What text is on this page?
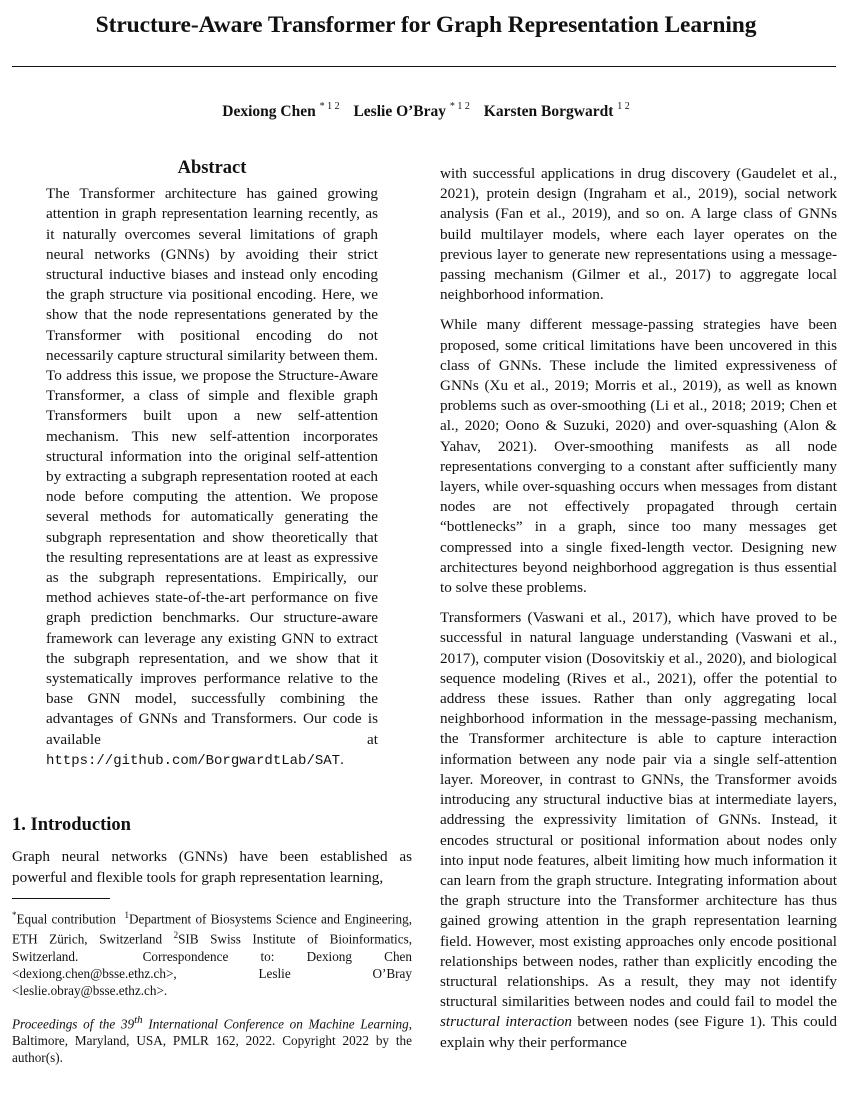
Structure-Aware Transformer for Graph Representation Learning
Dexiong Chen $^{* 1 2}$ Leslie O’Bray $^{* 1 2}$ Karsten Borgwardt $^{1 2}$
Abstract
The Transformer architecture has gained growing attention in graph representation learning recently, as it naturally overcomes several limitations of graph neural networks (GNNs) by avoiding their strict structural inductive biases and instead only encoding the graph structure via positional encoding. Here, we show that the node representations generated by the Transformer with positional encoding do not necessarily capture structural similarity between them. To address this issue, we propose the Structure-Aware Transformer, a class of simple and flexible graph Transformers built upon a new self-attention mechanism. This new self-attention incorporates structural information into the original self-attention by extracting a subgraph representation rooted at each node before computing the attention. We propose several methods for automatically generating the subgraph representation and show theoretically that the resulting representations are at least as expressive as the subgraph representations. Empirically, our method achieves state-of-the-art performance on five graph prediction benchmarks. Our structure-aware framework can leverage any existing GNN to extract the subgraph representation, and we show that it systematically improves performance relative to the base GNN model, successfully combining the advantages of GNNs and Transformers. Our code is available at https://github.com/BorgwardtLab/SAT.
1. Introduction

Graph neural networks (GNNs) have been established as powerful and flexible tools for graph representation learning,

*Equal contribution $^1$Department of Biosystems Science and Engineering, ETH Zürich, Switzerland $^2$SIB Swiss Institute of Bioinformatics, Switzerland.	Correspondence to: Dexiong Chen <dexiong.chen@bsse.ethz.ch>, Leslie O’Bray <leslie.obray@bsse.ethz.ch>.

Proceedings of the 39th International Conference on Machine Learning, Baltimore, Maryland, USA, PMLR 162, 2022. Copyright 2022 by the author(s).

with successful applications in drug discovery (Gaudelet et al., 2021), protein design (Ingraham et al., 2019), social network analysis (Fan et al., 2019), and so on. A large class of GNNs build multilayer models, where each layer operates on the previous layer to generate new representations using a message-passing mechanism (Gilmer et al., 2017) to aggregate local neighborhood information.

While many different message-passing strategies have been proposed, some critical limitations have been uncovered in this class of GNNs. These include the limited expressiveness of GNNs (Xu et al., 2019; Morris et al., 2019), as well as known problems such as over-smoothing (Li et al., 2018; 2019; Chen et al., 2020; Oono & Suzuki, 2020) and over-squashing (Alon & Yahav, 2021). Over-smoothing manifests as all node representations converging to a constant after sufficiently many layers, while over-squashing occurs when messages from distant nodes are not effectively propagated through certain “bottlenecks” in a graph, since too many messages get compressed into a single fixed-length vector. Designing new architectures beyond neighborhood aggregation is thus essential to solve these problems.

Transformers (Vaswani et al., 2017), which have proved to be successful in natural language understanding (Vaswani et al., 2017), computer vision (Dosovitskiy et al., 2020), and biological sequence modeling (Rives et al., 2021), offer the potential to address these issues. Rather than only aggregating local neighborhood information in the message-passing mechanism, the Transformer architecture is able to capture interaction information between any node pair via a single self-attention layer. Moreover, in contrast to GNNs, the Transformer avoids introducing any structural inductive bias at intermediate layers, addressing the expressivity limitation of GNNs. Instead, it encodes structural or positional information about nodes only into input node features, albeit limiting how much information it can learn from the graph structure. Integrating information about the graph structure into the Transformer architecture has thus gained growing attention in the graph representation learning field. However, most existing approaches only encode positional relationships between nodes, rather than explicitly encoding the structural relationships. As a result, they may not identify structural similarities between nodes and could fail to model the structural interaction between nodes (see Figure 1). This could explain why their performance
